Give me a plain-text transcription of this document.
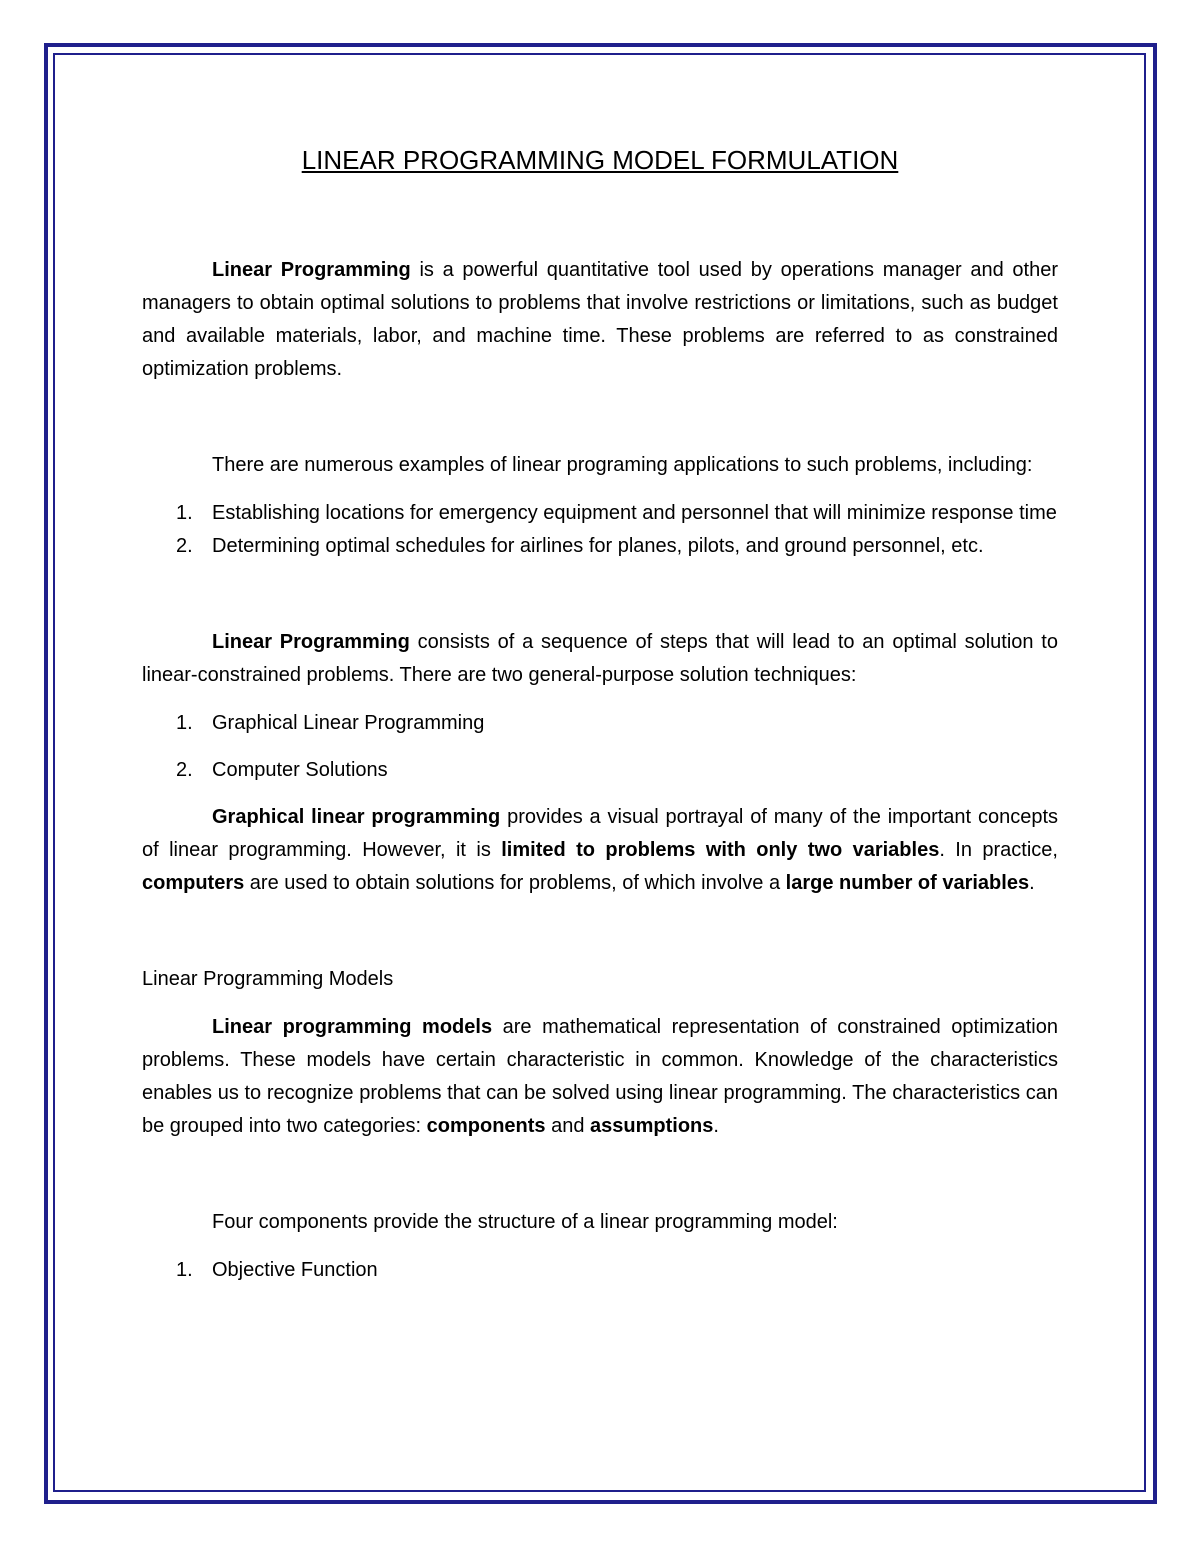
LINEAR PROGRAMMING MODEL FORMULATION

Linear Programming is a powerful quantitative tool used by operations manager and other managers to obtain optimal solutions to problems that involve restrictions or limitations, such as budget and available materials, labor, and machine time. These problems are referred to as constrained optimization problems.

There are numerous examples of linear programing applications to such problems, including:

1. Establishing locations for emergency equipment and personnel that will minimize response time
2. Determining optimal schedules for airlines for planes, pilots, and ground personnel, etc.

Linear Programming consists of a sequence of steps that will lead to an optimal solution to linear-constrained problems. There are two general-purpose solution techniques:

1. Graphical Linear Programming
2. Computer Solutions

Graphical linear programming provides a visual portrayal of many of the important concepts of linear programming. However, it is limited to problems with only two variables. In practice, computers are used to obtain solutions for problems, of which involve a large number of variables.

Linear Programming Models

Linear programming models are mathematical representation of constrained optimization problems. These models have certain characteristic in common. Knowledge of the characteristics enables us to recognize problems that can be solved using linear programming. The characteristics can be grouped into two categories: components and assumptions.

Four components provide the structure of a linear programming model:

1. Objective Function
